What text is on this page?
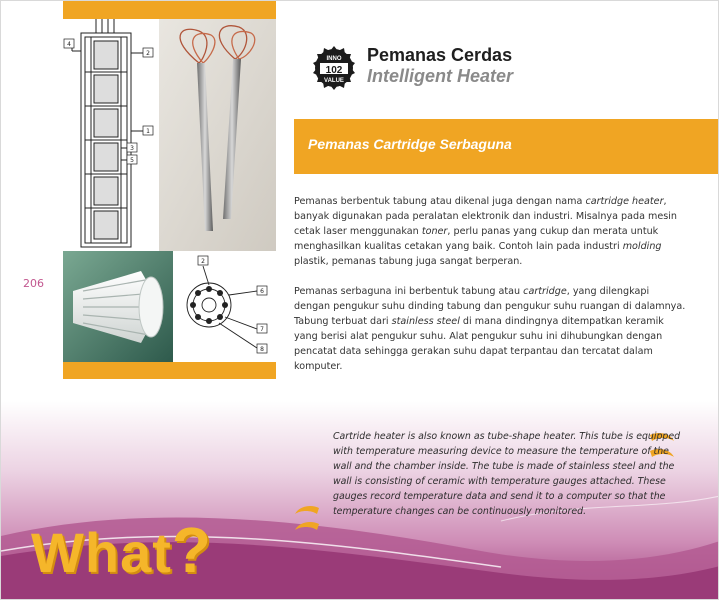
4
2
1
3
5
2
6
7
8
206
INNO
102
VALUE
Pemanas Cerdas
Intelligent Heater
Pemanas Cartridge Serbaguna
Pemanas berbentuk tabung atau dikenal juga dengan nama cartridge heater, banyak digunakan pada peralatan elektronik dan industri. Misalnya pada mesin cetak laser menggunakan toner, perlu panas yang cukup dan merata untuk menghasilkan kualitas cetakan yang baik. Contoh lain pada industri molding plastik, pemanas tabung juga sangat berperan.
Pemanas serbaguna ini berbentuk tabung atau cartridge, yang dilengkapi dengan pengukur suhu dinding tabung dan pengukur suhu ruangan di dalamnya. Tabung terbuat dari stainless steel di mana dindingnya ditempatkan keramik yang berisi alat pengukur suhu. Alat pengukur suhu ini dihubungkan dengan pencatat data sehingga gerakan suhu dapat terpantau dan tercatat dalam komputer.
Cartride heater is also known as tube-shape heater. This tube is equipped with temperature measuring device to measure the temperature of the wall and the chamber inside. The tube is made of stainless steel and the wall is consisting of ceramic with temperature gauges attached. These gauges record temperature data and send it to a computer so that the temperature changes can be continuously monitored.
What?
